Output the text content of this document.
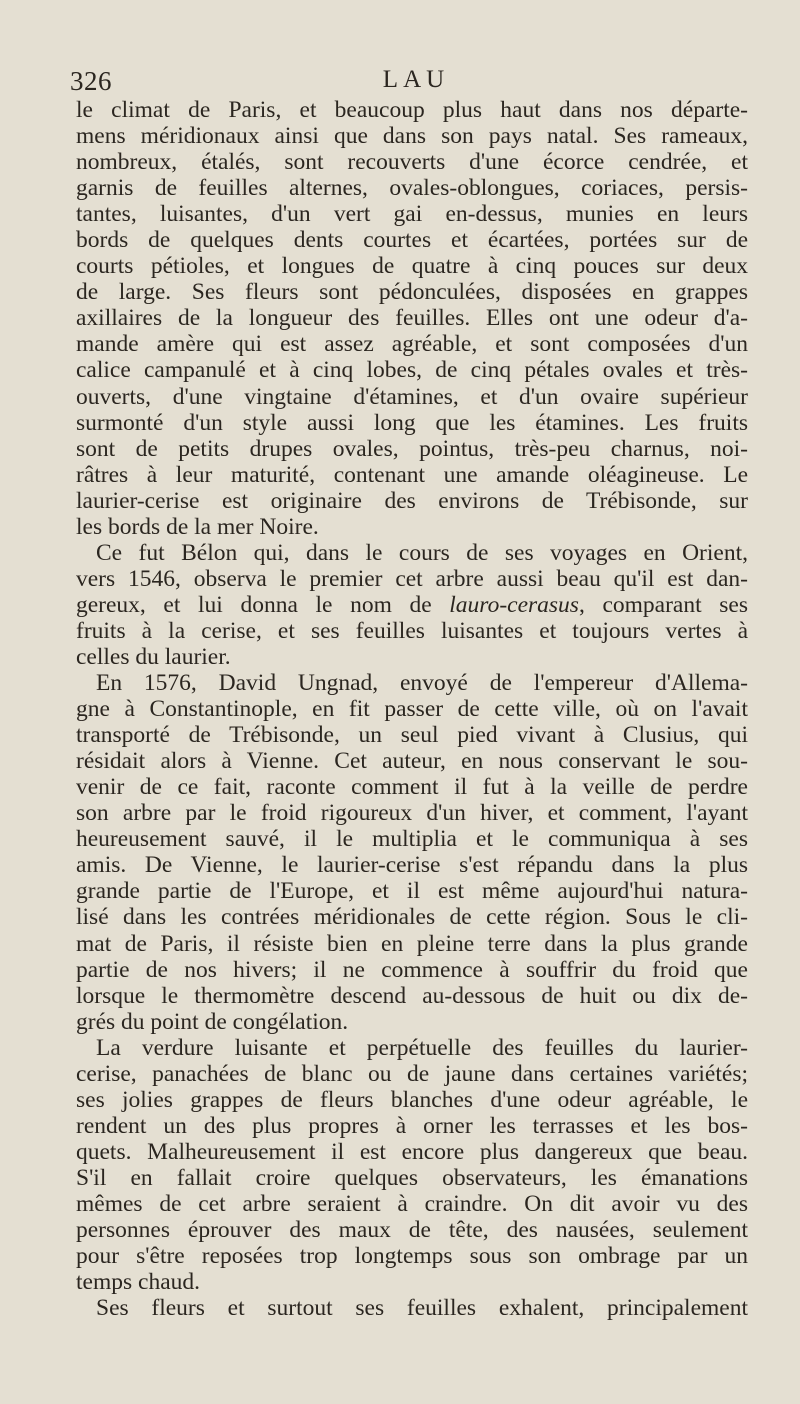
326	LAU
le climat de Paris, et beaucoup plus haut dans nos départe-
mens méridionaux ainsi que dans son pays natal. Ses rameaux,
nombreux, étalés, sont recouverts d'une écorce cendrée, et
garnis de feuilles alternes, ovales-oblongues, coriaces, persis-
tantes, luisantes, d'un vert gai en-dessus, munies en leurs
bords de quelques dents courtes et écartées, portées sur de
courts pétioles, et longues de quatre à cinq pouces sur deux
de large. Ses fleurs sont pédonculées, disposées en grappes
axillaires de la longueur des feuilles. Elles ont une odeur d'a-
mande amère qui est assez agréable, et sont composées d'un
calice campanulé et à cinq lobes, de cinq pétales ovales et très-
ouverts, d'une vingtaine d'étamines, et d'un ovaire supérieur
surmonté d'un style aussi long que les étamines. Les fruits
sont de petits drupes ovales, pointus, très-peu charnus, noi-
râtres à leur maturité, contenant une amande oléagineuse. Le
laurier-cerise est originaire des environs de Trébisonde, sur
les bords de la mer Noire.
Ce fut Bélon qui, dans le cours de ses voyages en Orient,
vers 1546, observa le premier cet arbre aussi beau qu'il est dan-
gereux, et lui donna le nom de lauro-cerasus, comparant ses
fruits à la cerise, et ses feuilles luisantes et toujours vertes à
celles du laurier.
En 1576, David Ungnad, envoyé de l'empereur d'Allema-
gne à Constantinople, en fit passer de cette ville, où on l'avait
transporté de Trébisonde, un seul pied vivant à Clusius, qui
résidait alors à Vienne. Cet auteur, en nous conservant le sou-
venir de ce fait, raconte comment il fut à la veille de perdre
son arbre par le froid rigoureux d'un hiver, et comment, l'ayant
heureusement sauvé, il le multiplia et le communiqua à ses
amis. De Vienne, le laurier-cerise s'est répandu dans la plus
grande partie de l'Europe, et il est même aujourd'hui natura-
lisé dans les contrées méridionales de cette région. Sous le cli-
mat de Paris, il résiste bien en pleine terre dans la plus grande
partie de nos hivers; il ne commence à souffrir du froid que
lorsque le thermomètre descend au-dessous de huit ou dix de-
grés du point de congélation.
La verdure luisante et perpétuelle des feuilles du laurier-
cerise, panachées de blanc ou de jaune dans certaines variétés;
ses jolies grappes de fleurs blanches d'une odeur agréable, le
rendent un des plus propres à orner les terrasses et les bos-
quets. Malheureusement il est encore plus dangereux que beau.
S'il en fallait croire quelques observateurs, les émanations
mêmes de cet arbre seraient à craindre. On dit avoir vu des
personnes éprouver des maux de tête, des nausées, seulement
pour s'être reposées trop longtemps sous son ombrage par un
temps chaud.
Ses fleurs et surtout ses feuilles exhalent, principalement
